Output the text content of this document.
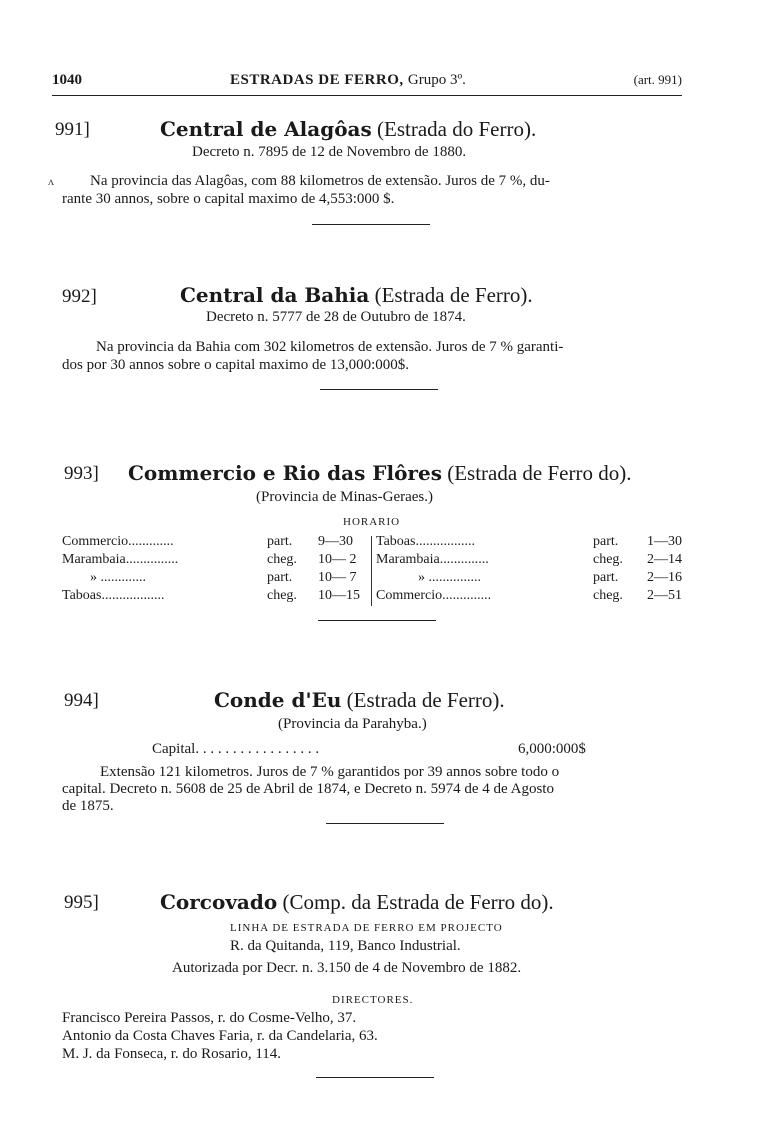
1040	ESTRADAS DE FERRO, Grupo 3º.	(art. 991)
991]	Central de Alagôas (Estrada do Ferro).
Decreto n. 7895 de 12 de Novembro de 1880.
ᴧ Na provincia das Alagôas, com 88 kilometros de extensão. Juros de 7 %, du-
rante 30 annos, sobre o capital maximo de 4,553:000 $.
992]	Central da Bahia (Estrada de Ferro).
Decreto n. 5777 de 28 de Outubro de 1874.
Na provincia da Bahia com 302 kilometros de extensão. Juros de 7 % garanti-
dos por 30 annos sobre o capital maximo de 13,000:000$.
993] Commercio e Rio das Flôres (Estrada de Ferro do).
(Provincia de Minas-Geraes.)
HORARIO
Commercio.............	part. 9—30
Marambaia...............	cheg. 10— 2
» .............	part. 10— 7
Taboas..................	cheg. 10—15
Taboas.................	part. 1—30
Marambaia..............	cheg. 2—14
» ...............	part. 2—16
Commercio..............	cheg. 2—51
994]	Conde d'Eu (Estrada de Ferro).
(Provincia da Parahyba.)
Capital. . . . . . . . . . . . . . . . .	6,000:000$
Extensão 121 kilometros. Juros de 7 % garantidos por 39 annos sobre todo o
capital. Decreto n. 5608 de 25 de Abril de 1874, e Decreto n. 5974 de 4 de Agosto
de 1875.
995]	Corcovado (Comp. da Estrada de Ferro do).
LINHA DE ESTRADA DE FERRO EM PROJECTO
R. da Quitanda, 119, Banco Industrial.
Autorizada por Decr. n. 3.150 de 4 de Novembro de 1882.
DIRECTORES.
Francisco Pereira Passos, r. do Cosme-Velho, 37.
Antonio da Costa Chaves Faria, r. da Candelaria, 63.
M. J. da Fonseca, r. do Rosario, 114.
